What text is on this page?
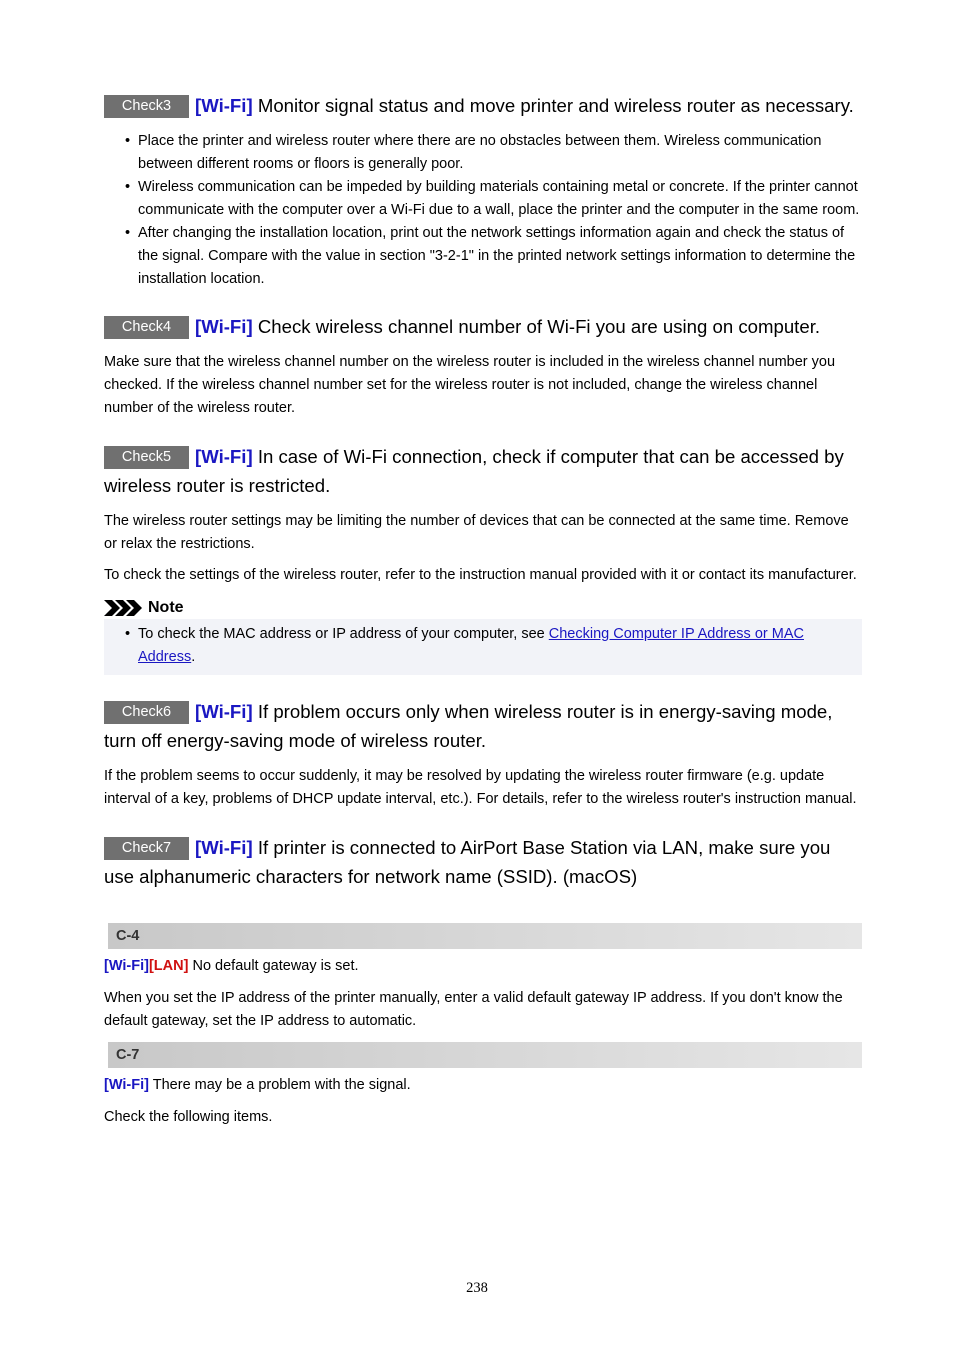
Check3 [Wi-Fi] Monitor signal status and move printer and wireless router as necessary.
• Place the printer and wireless router where there are no obstacles between them. Wireless communication between different rooms or floors is generally poor.
• Wireless communication can be impeded by building materials containing metal or concrete. If the printer cannot communicate with the computer over a Wi-Fi due to a wall, place the printer and the computer in the same room.
• After changing the installation location, print out the network settings information again and check the status of the signal. Compare with the value in section "3-2-1" in the printed network settings information to determine the installation location.
Check4 [Wi-Fi] Check wireless channel number of Wi-Fi you are using on computer.

Make sure that the wireless channel number on the wireless router is included in the wireless channel number you checked. If the wireless channel number set for the wireless router is not included, change the wireless channel number of the wireless router.

Check5 [Wi-Fi] In case of Wi-Fi connection, check if computer that can be accessed by wireless router is restricted.

The wireless router settings may be limiting the number of devices that can be connected at the same time. Remove or relax the restrictions.

To check the settings of the wireless router, refer to the instruction manual provided with it or contact its manufacturer.

Note
• To check the MAC address or IP address of your computer, see Checking Computer IP Address or MAC Address.
Check6 [Wi-Fi] If problem occurs only when wireless router is in energy-saving mode, turn off energy-saving mode of wireless router.

If the problem seems to occur suddenly, it may be resolved by updating the wireless router firmware (e.g. update interval of a key, problems of DHCP update interval, etc.). For details, refer to the wireless router's instruction manual.

Check7 [Wi-Fi] If printer is connected to AirPort Base Station via LAN, make sure you use alphanumeric characters for network name (SSID). (macOS)
C-4

[Wi-Fi][LAN] No default gateway is set.

When you set the IP address of the printer manually, enter a valid default gateway IP address. If you don't know the default gateway, set the IP address to automatic.

C-7

[Wi-Fi] There may be a problem with the signal.

Check the following items.

238
